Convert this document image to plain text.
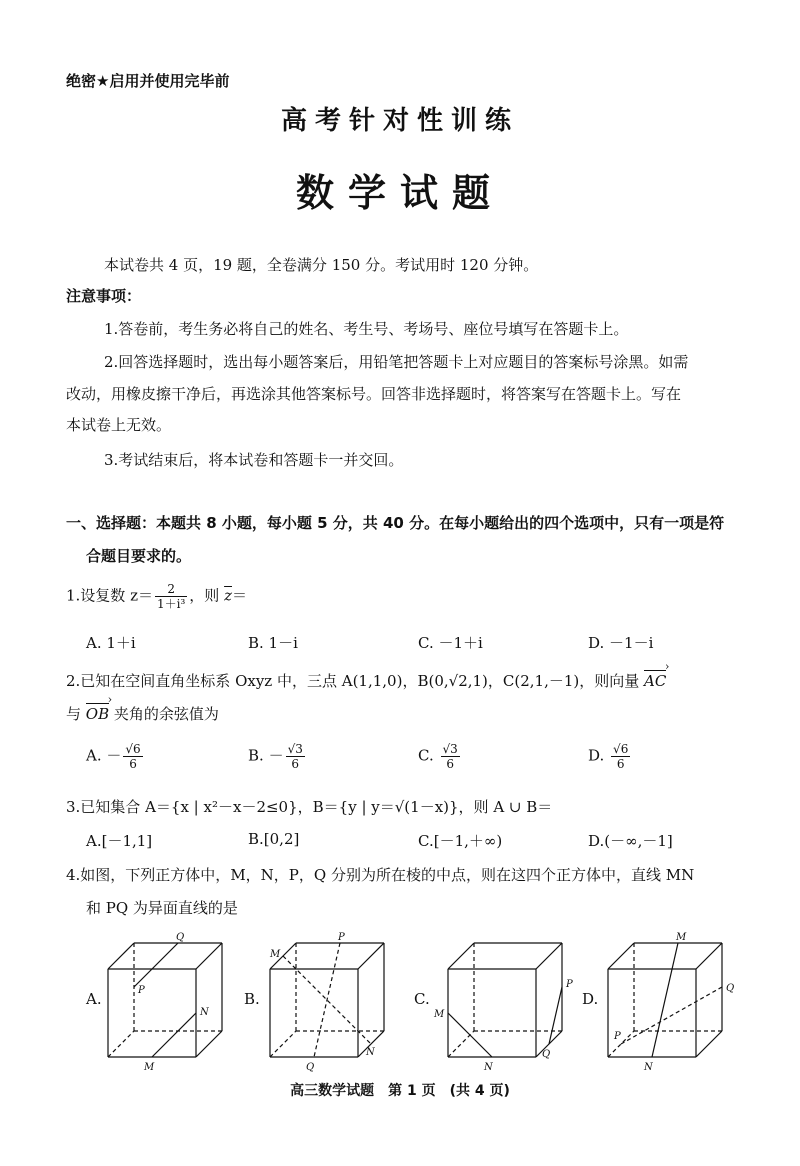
绝密★启用并使用完毕前
高考针对性训练
数学试题
本试卷共 4 页，19 题，全卷满分 150 分。考试用时 120 分钟。
注意事项：
1.答卷前，考生务必将自己的姓名、考生号、考场号、座位号填写在答题卡上。
2.回答选择题时，选出每小题答案后，用铅笔把答题卡上对应题目的答案标号涂黑。如需
改动，用橡皮擦干净后，再选涂其他答案标号。回答非选择题时，将答案写在答题卡上。写在
本试卷上无效。
3.考试结束后，将本试卷和答题卡一并交回。
一、选择题：本题共 8 小题，每小题 5 分，共 40 分。在每小题给出的四个选项中，只有一项是符
合题目要求的。
1.设复数 $z= \frac{2}{\text{1＋i³}}$ ，则 $\overline{z}=$
A. 1＋i	B. 1－i	C. －1＋i	D. －1－i
2.已知在空间直角坐标系 Oxyz 中，三点 A(1,1,0)，B(0,√2,1)，C(2,1,－1)，则向量 AC ›
与 OB › 夹角的余弦值为
A. － $\frac{√6}{6}$	B. － $\frac{√3}{6}$	C. $\frac{√3}{6}$	D. $\frac{√6}{6}$
3.已知集合 A＝{x | x²－x－2≤0}，B＝{y | y＝√(1－x)}，则 A ∪ B＝
A.[－1,1]	B.[0,2]	C.[－1,＋∞)	D.(－∞,－1]
4.如图，下列正方体中，M，N，P，Q 分别为所在棱的中点，则在这四个正方体中，直线 MN
和 PQ 为异面直线的是
A.
Q
P
N
M
B.
P
M
Q
N
C.
P
M
N
Q
D.
M
Q
P
N
高三数学试题　第 1 页　(共 4 页)
